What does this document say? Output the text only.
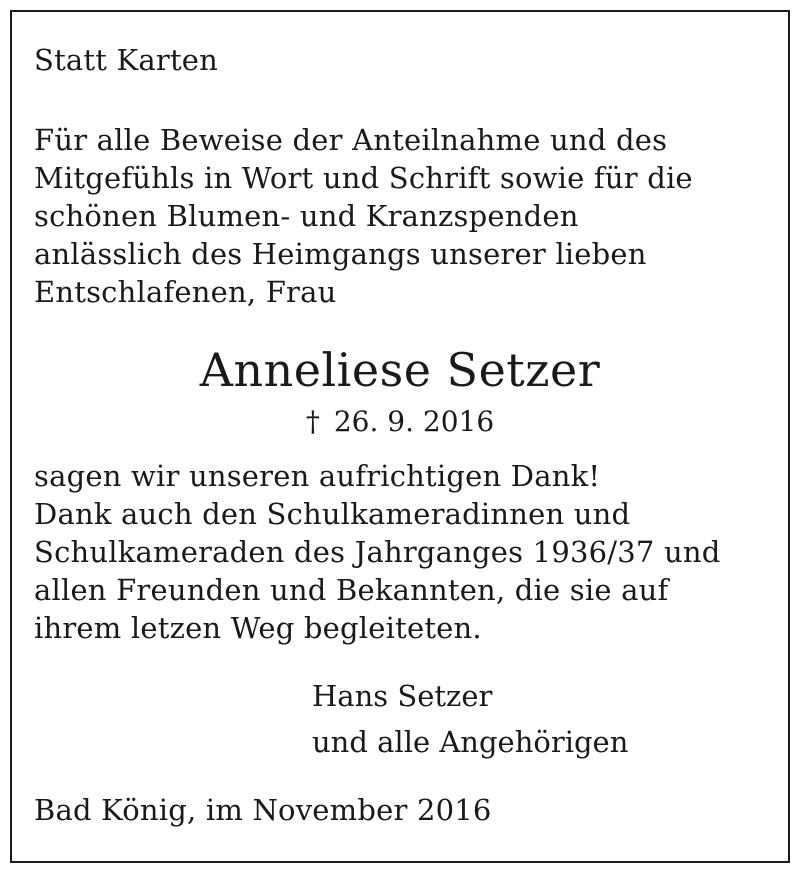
Statt Karten
Für alle Beweise der Anteilnahme und des
Mitgefühls in Wort und Schrift sowie für die
schönen Blumen- und Kranzspenden
anlässlich des Heimgangs unserer lieben
Entschlafenen, Frau
Anneliese Setzer
† 26. 9. 2016
sagen wir unseren aufrichtigen Dank!
Dank auch den Schulkameradinnen und
Schulkameraden des Jahrganges 1936/37 und
allen Freunden und Bekannten, die sie auf
ihrem letzen Weg begleiteten.
Hans Setzer
und alle Angehörigen
Bad König, im November 2016
